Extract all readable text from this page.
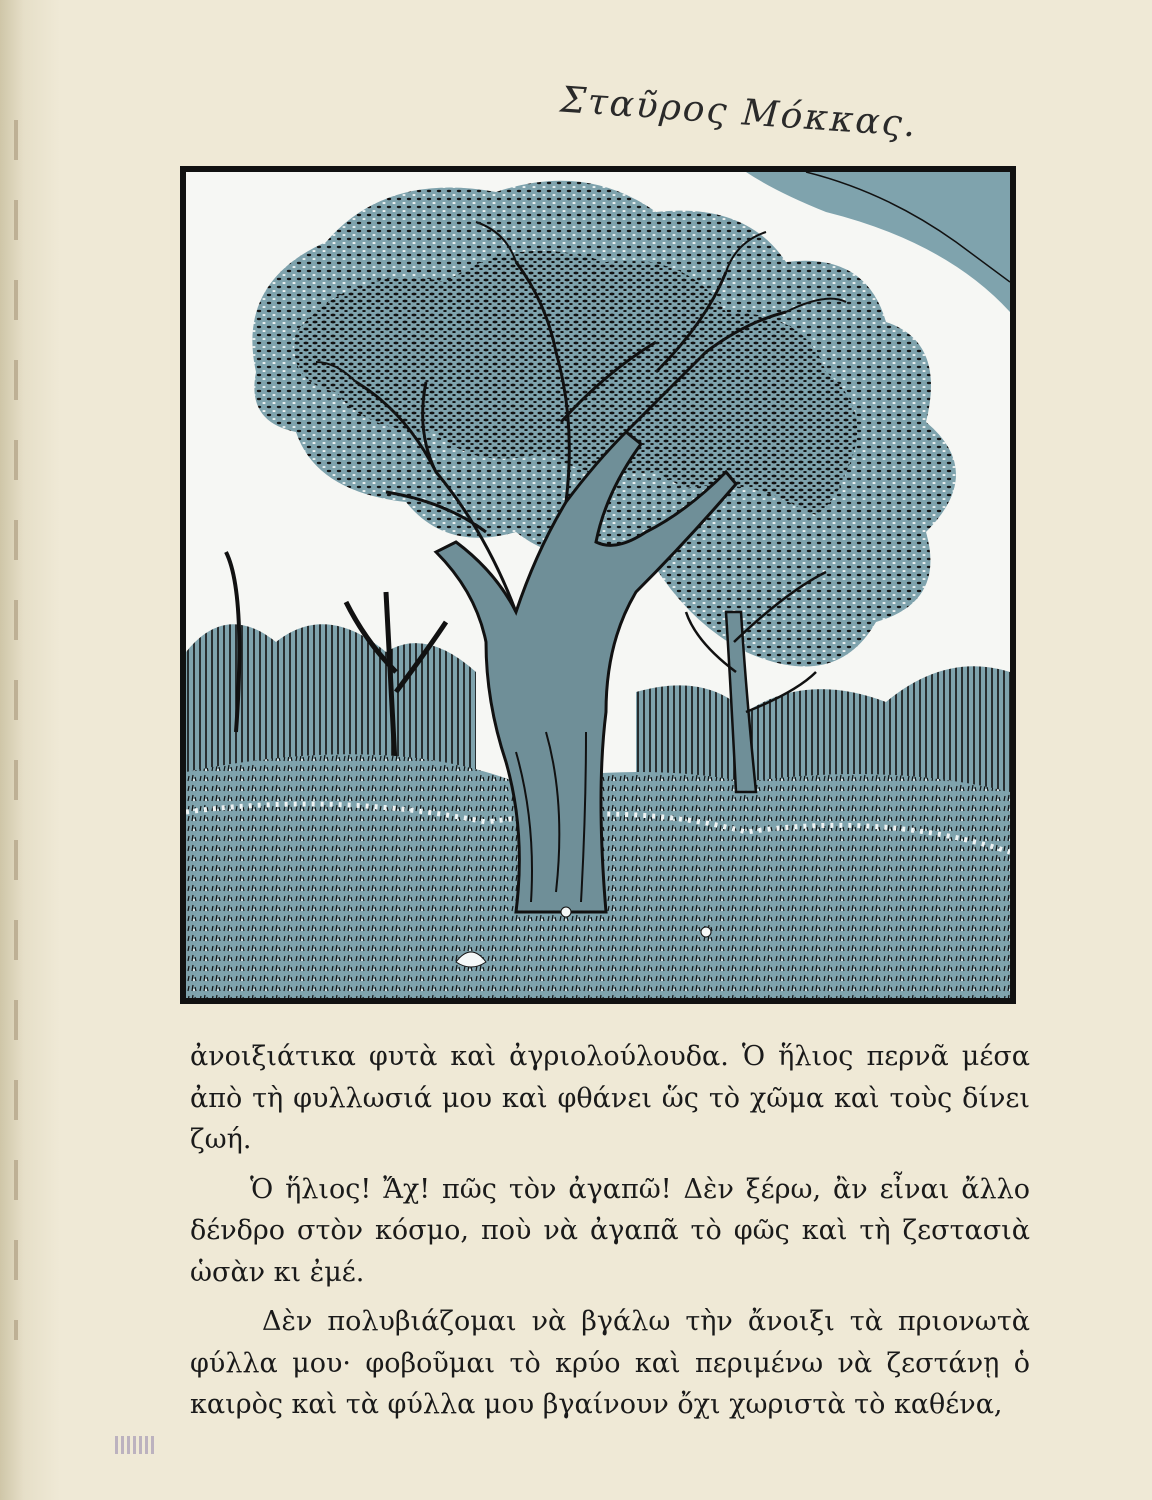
Σταῦρος Μόκκας.

ἀνοιξιάτικα φυτὰ καὶ ἀγριολούλουδα. Ὁ ἥλιος περνᾶ μέσα ἀπὸ τὴ φυλλωσιά μου καὶ φθάνει ὥς τὸ χῶμα καὶ τοὺς δίνει ζωή.

Ὁ ἥλιος! Ἄχ! πῶς τὸν ἀγαπῶ! Δὲν ξέρω, ἂν εἶναι ἄλλο δένδρο στὸν κόσμο, ποὺ νὰ ἀγαπᾶ τὸ φῶς καὶ τὴ ζεστασιὰ ὡσὰν κι ἐμέ.

Δὲν πολυβιάζομαι νὰ βγάλω τὴν ἄνοιξι τὰ πριονωτὰ φύλλα μου· φοβοῦμαι τὸ κρύο καὶ περιμένω νὰ ζεστάνῃ ὁ καιρὸς καὶ τὰ φύλλα μου βγαίνουν ὄχι χωριστὰ τὸ καθένα,
